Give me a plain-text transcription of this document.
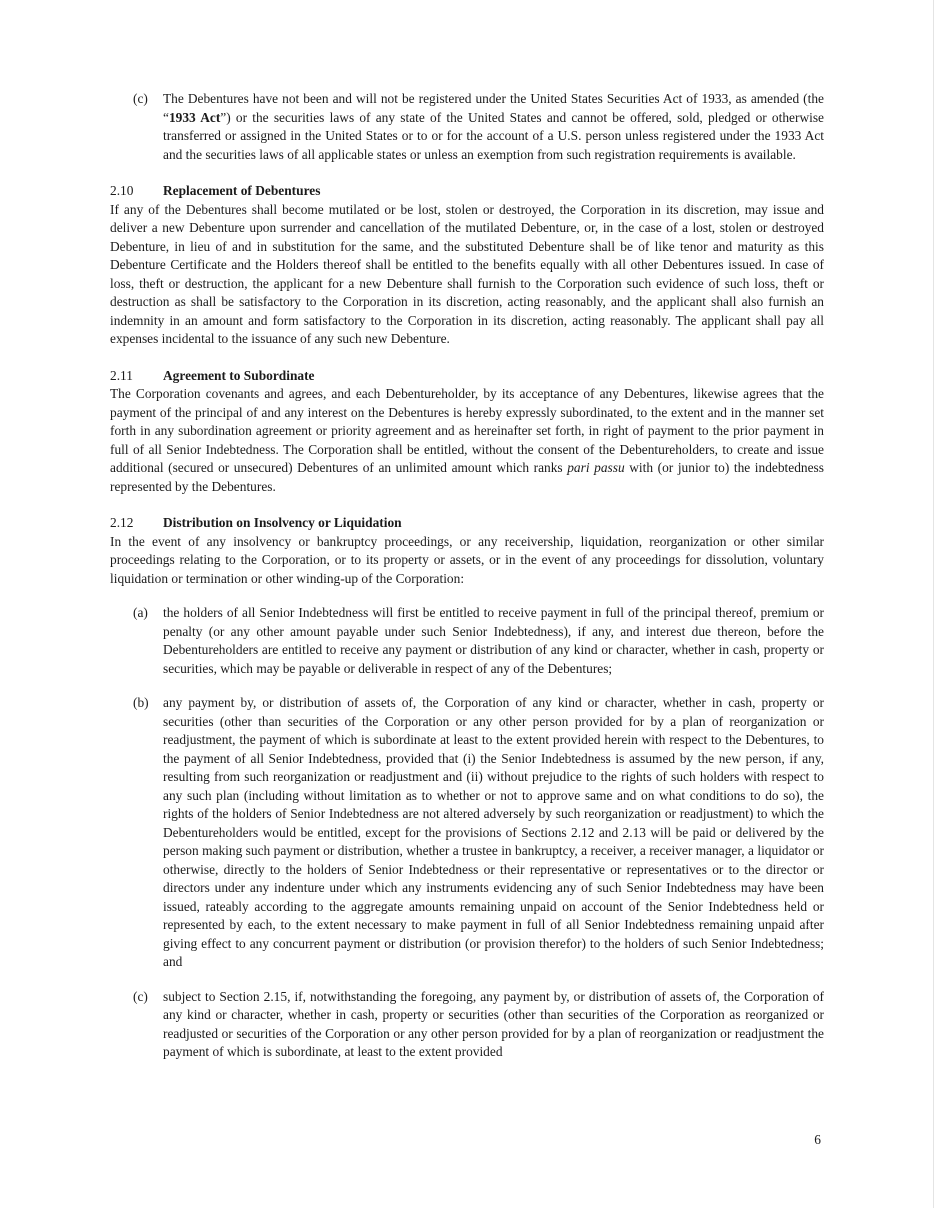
(c)	The Debentures have not been and will not be registered under the United States Securities Act of 1933, as amended (the “1933 Act”) or the securities laws of any state of the United States and cannot be offered, sold, pledged or otherwise transferred or assigned in the United States or to or for the account of a U.S. person unless registered under the 1933 Act and the securities laws of all applicable states or unless an exemption from such registration requirements is available.
2.10	Replacement of Debentures
If any of the Debentures shall become mutilated or be lost, stolen or destroyed, the Corporation in its discretion, may issue and deliver a new Debenture upon surrender and cancellation of the mutilated Debenture, or, in the case of a lost, stolen or destroyed Debenture, in lieu of and in substitution for the same, and the substituted Debenture shall be of like tenor and maturity as this Debenture Certificate and the Holders thereof shall be entitled to the benefits equally with all other Debentures issued. In case of loss, theft or destruction, the applicant for a new Debenture shall furnish to the Corporation such evidence of such loss, theft or destruction as shall be satisfactory to the Corporation in its discretion, acting reasonably, and the applicant shall also furnish an indemnity in an amount and form satisfactory to the Corporation in its discretion, acting reasonably. The applicant shall pay all expenses incidental to the issuance of any such new Debenture.
2.11	Agreement to Subordinate
The Corporation covenants and agrees, and each Debentureholder, by its acceptance of any Debentures, likewise agrees that the payment of the principal of and any interest on the Debentures is hereby expressly subordinated, to the extent and in the manner set forth in any subordination agreement or priority agreement and as hereinafter set forth, in right of payment to the prior payment in full of all Senior Indebtedness. The Corporation shall be entitled, without the consent of the Debentureholders, to create and issue additional (secured or unsecured) Debentures of an unlimited amount which ranks pari passu with (or junior to) the indebtedness represented by the Debentures.
2.12	Distribution on Insolvency or Liquidation
In the event of any insolvency or bankruptcy proceedings, or any receivership, liquidation, reorganization or other similar proceedings relating to the Corporation, or to its property or assets, or in the event of any proceedings for dissolution, voluntary liquidation or termination or other winding-up of the Corporation:
(a)	the holders of all Senior Indebtedness will first be entitled to receive payment in full of the principal thereof, premium or penalty (or any other amount payable under such Senior Indebtedness), if any, and interest due thereon, before the Debentureholders are entitled to receive any payment or distribution of any kind or character, whether in cash, property or securities, which may be payable or deliverable in respect of any of the Debentures;
(b)	any payment by, or distribution of assets of, the Corporation of any kind or character, whether in cash, property or securities (other than securities of the Corporation or any other person provided for by a plan of reorganization or readjustment, the payment of which is subordinate at least to the extent provided herein with respect to the Debentures, to the payment of all Senior Indebtedness, provided that (i) the Senior Indebtedness is assumed by the new person, if any, resulting from such reorganization or readjustment and (ii) without prejudice to the rights of such holders with respect to any such plan (including without limitation as to whether or not to approve same and on what conditions to do so), the rights of the holders of Senior Indebtedness are not altered adversely by such reorganization or readjustment) to which the Debentureholders would be entitled, except for the provisions of Sections 2.12 and 2.13 will be paid or delivered by the person making such payment or distribution, whether a trustee in bankruptcy, a receiver, a receiver manager, a liquidator or otherwise, directly to the holders of Senior Indebtedness or their representative or representatives or to the director or directors under any indenture under which any instruments evidencing any of such Senior Indebtedness may have been issued, rateably according to the aggregate amounts remaining unpaid on account of the Senior Indebtedness held or represented by each, to the extent necessary to make payment in full of all Senior Indebtedness remaining unpaid after giving effect to any concurrent payment or distribution (or provision therefor) to the holders of such Senior Indebtedness; and
(c)	subject to Section 2.15, if, notwithstanding the foregoing, any payment by, or distribution of assets of, the Corporation of any kind or character, whether in cash, property or securities (other than securities of the Corporation as reorganized or readjusted or securities of the Corporation or any other person provided for by a plan of reorganization or readjustment the payment of which is subordinate, at least to the extent provided
6
